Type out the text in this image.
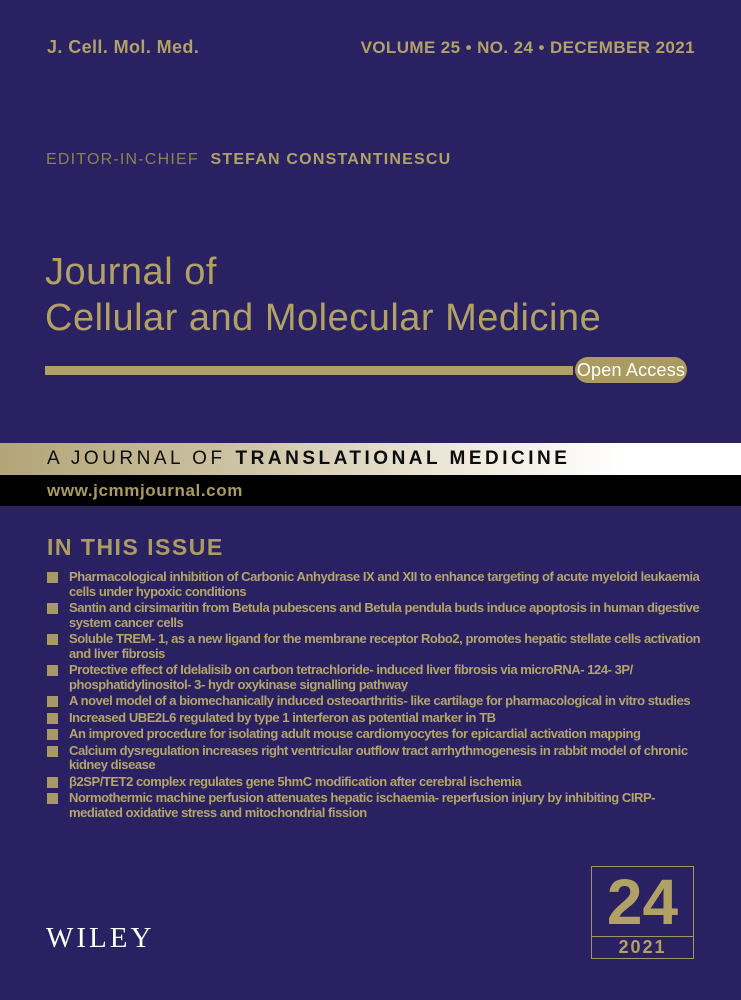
J. Cell. Mol. Med.	VOLUME 25 • NO. 24 • DECEMBER 2021
EDITOR-IN-CHIEF STEFAN CONSTANTINESCU
Journal of
Cellular and Molecular Medicine
Open Access
A JOURNAL OF TRANSLATIONAL MEDICINE
www.jcmmjournal.com
IN THIS ISSUE
Pharmacological inhibition of Carbonic Anhydrase IX and XII to enhance targeting of acute myeloid leukaemia cells under hypoxic conditions
Santin and cirsimaritin from Betula pubescens and Betula pendula buds induce apoptosis in human digestive system cancer cells
Soluble TREM- 1, as a new ligand for the membrane receptor Robo2, promotes hepatic stellate cells activation and liver fibrosis
Protective effect of Idelalisib on carbon tetrachloride- induced liver fibrosis via microRNA- 124- 3P/ phosphatidylinositol- 3- hydr oxykinase signalling pathway
A novel model of a biomechanically induced osteoarthritis- like cartilage for pharmacological in vitro studies
Increased UBE2L6 regulated by type 1 interferon as potential marker in TB
An improved procedure for isolating adult mouse cardiomyocytes for epicardial activation mapping
Calcium dysregulation increases right ventricular outflow tract arrhythmogenesis in rabbit model of chronic kidney disease
β2SP/TET2 complex regulates gene 5hmC modification after cerebral ischemia
Normothermic machine perfusion attenuates hepatic ischaemia- reperfusion injury by inhibiting CIRP- mediated oxidative stress and mitochondrial fission
WILEY
24
2021
